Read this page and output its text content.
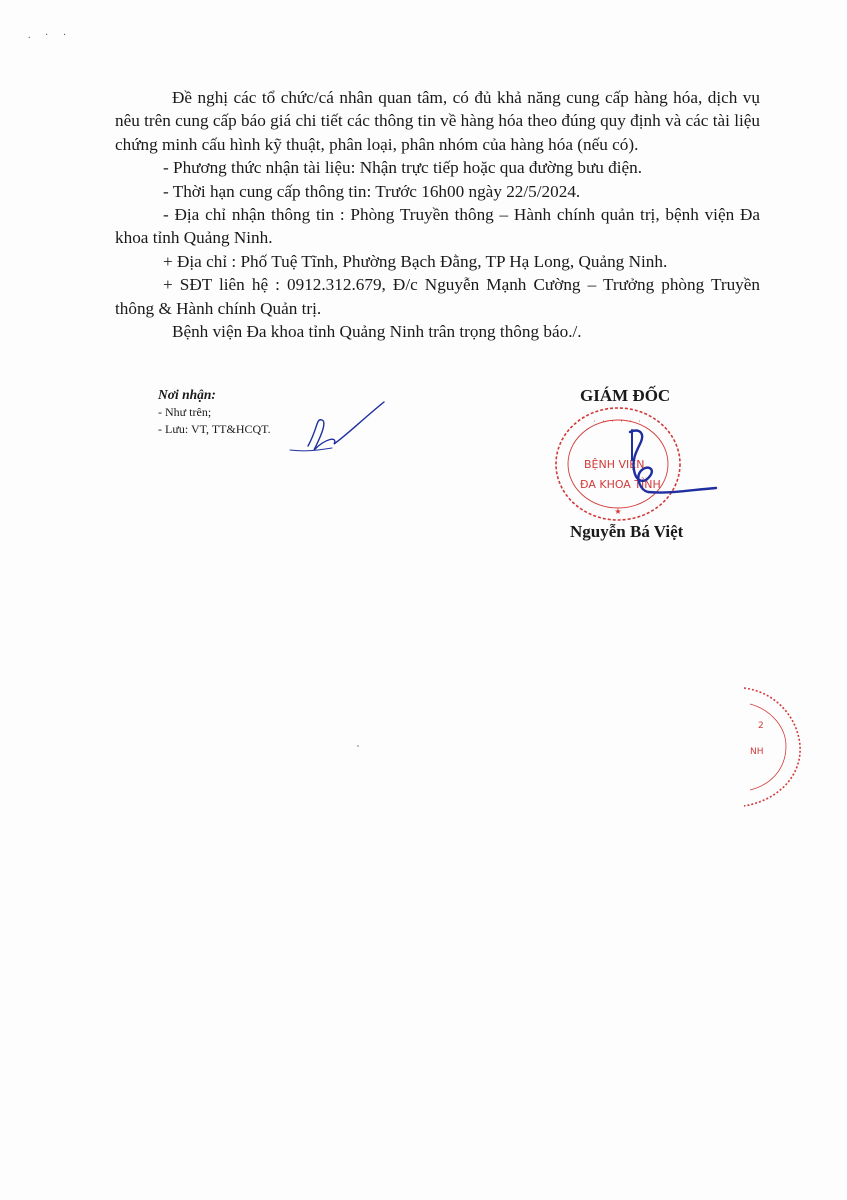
. · ·

Đề nghị các tổ chức/cá nhân quan tâm, có đủ khả năng cung cấp hàng hóa, dịch vụ nêu trên cung cấp báo giá chi tiết các thông tin về hàng hóa theo đúng quy định và các tài liệu chứng minh cấu hình kỹ thuật, phân loại, phân nhóm của hàng hóa (nếu có).

- Phương thức nhận tài liệu: Nhận trực tiếp hoặc qua đường bưu điện.

- Thời hạn cung cấp thông tin: Trước 16h00 ngày 22/5/2024.

- Địa chỉ nhận thông tin : Phòng Truyền thông – Hành chính quản trị, bệnh viện Đa khoa tỉnh Quảng Ninh.

+ Địa chỉ : Phố Tuệ Tĩnh, Phường Bạch Đằng, TP Hạ Long, Quảng Ninh.

+ SĐT liên hệ : 0912.312.679, Đ/c Nguyễn Mạnh Cường – Trưởng phòng Truyền thông & Hành chính Quản trị.

Bệnh viện Đa khoa tỉnh Quảng Ninh trân trọng thông báo./.

Nơi nhận:
- Như trên;
- Lưu: VT, TT&HCQT.
GIÁM ĐỐC
· · · · · ·
BỆNH VIỆN
ĐA KHOA TỈNH
★
Nguyễn Bá Việt
2
NH
